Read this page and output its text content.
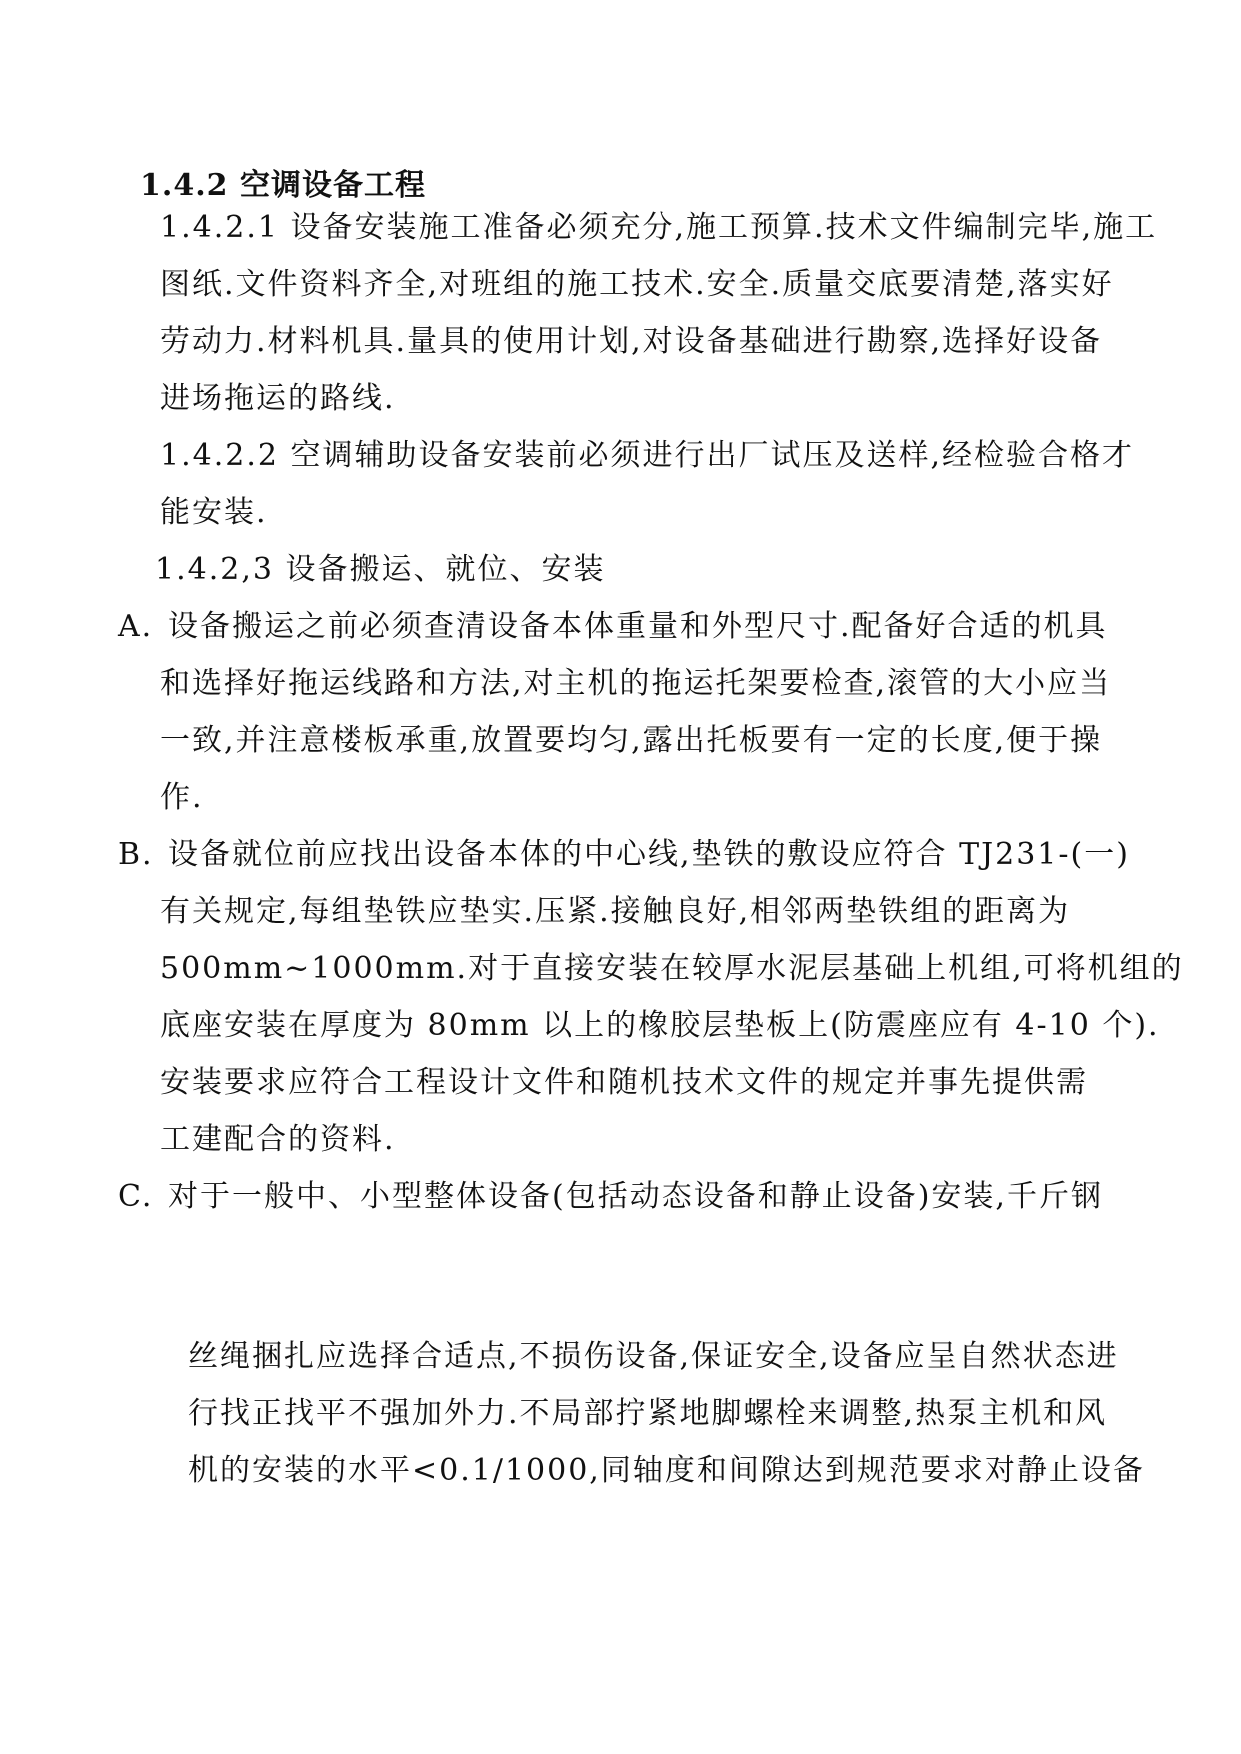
1.4.2 空调设备工程
1.4.2.1 设备安装施工准备必须充分,施工预算.技术文件编制完毕,施工
图纸.文件资料齐全,对班组的施工技术.安全.质量交底要清楚,落实好
劳动力.材料机具.量具的使用计划,对设备基础进行勘察,选择好设备
进场拖运的路线.
1.4.2.2 空调辅助设备安装前必须进行出厂试压及送样,经检验合格才
能安装.
1.4.2,3 设备搬运、就位、安装
A. 设备搬运之前必须查清设备本体重量和外型尺寸.配备好合适的机具
和选择好拖运线路和方法,对主机的拖运托架要检查,滚管的大小应当
一致,并注意楼板承重,放置要均匀,露出托板要有一定的长度,便于操
作.
B. 设备就位前应找出设备本体的中心线,垫铁的敷设应符合 TJ231-(一)
有关规定,每组垫铁应垫实.压紧.接触良好,相邻两垫铁组的距离为
500mm~1000mm.对于直接安装在较厚水泥层基础上机组,可将机组的
底座安装在厚度为 80mm 以上的橡胶层垫板上(防震座应有 4-10 个).
安装要求应符合工程设计文件和随机技术文件的规定并事先提供需
工建配合的资料.
C. 对于一般中、小型整体设备(包括动态设备和静止设备)安装,千斤钢
丝绳捆扎应选择合适点,不损伤设备,保证安全,设备应呈自然状态进
行找正找平不强加外力.不局部拧紧地脚螺栓来调整,热泵主机和风
机的安装的水平<0.1/1000,同轴度和间隙达到规范要求对静止设备
